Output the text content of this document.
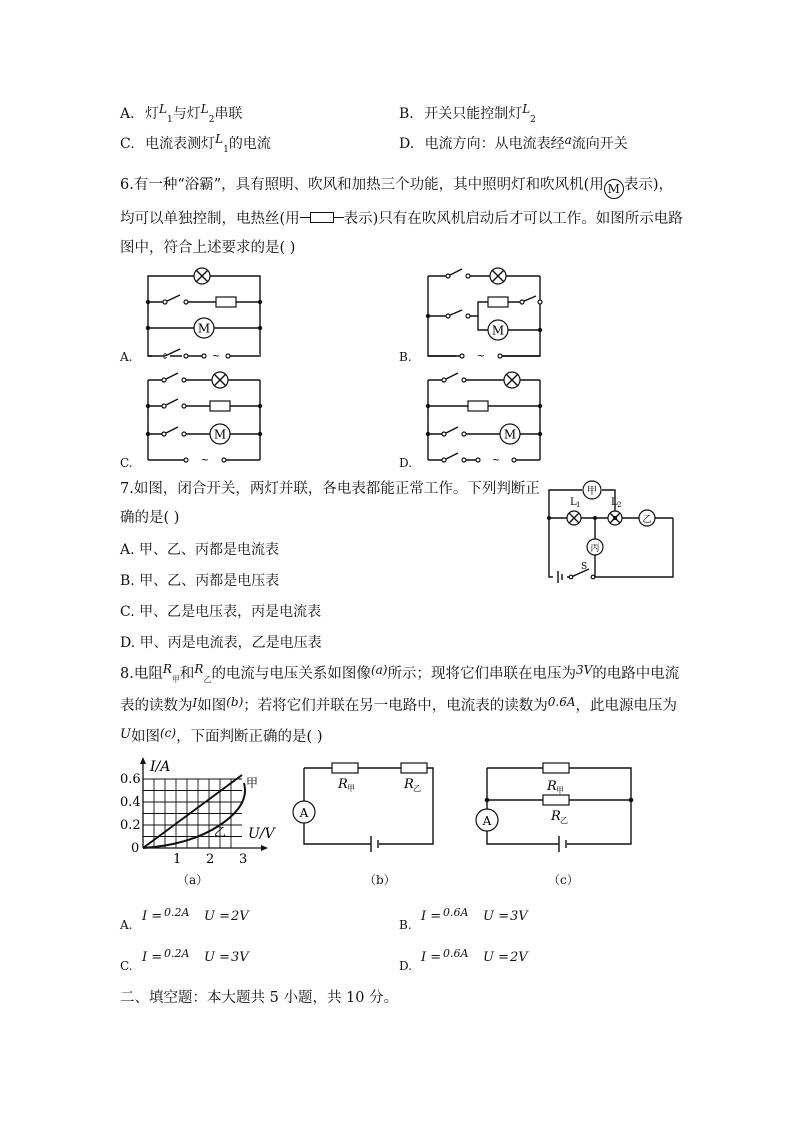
A. 灯$L_1$与灯$L_2$串联	B. 开关只能控制灯$L_2$
C. 电流表测灯$L_1$的电流	D. 电流方向：从电流表经a流向开关
6.有一种“浴霸”，具有照明、吹风和加热三个功能，其中照明灯和吹风机(用 M 表示)，
均可以单独控制，电热丝(用	表示)只有在吹风机启动后才可以工作。如图所示电路
图中，符合上述要求的是( )
A.	B.
C.	D.
M
~
M
~
M
~
M
~
7.如图，闭合开关，两灯并联，各电表都能正常工作。下列判断正
确的是( )
A. 甲、乙、丙都是电流表
B. 甲、乙、丙都是电压表
C. 甲、乙是电压表，丙是电流表
D. 甲、丙是电流表，乙是电压表
甲
L 1	L 2
乙
丙
S
8.电阻$^R_甲$和$^R_乙$的电流与电压关系如图像$^{(a)}$所示；现将它们串联在电压为$^{3V}$的电路中电流
表的读数为$^I$如图$^{(b)}$；若将它们并联在另一电路中，电流表的读数为$^{0.6A}$，此电源电压为
U如图$^{(c)}$，下面判断正确的是( )
I/A
U/V
0.6
0.4
0.2
0
1 2 3
甲
乙
（a）
A
R 甲	R 乙
（b）
A
R 甲
R 乙
（c）
A.
I = 0.2A U = 2V
B.
I = 0.6A U = 3V
C.
I = 0.2A U = 3V
D.
I = 0.6A U = 2V
二、填空题：本大题共 5 小题，共 10 分。
